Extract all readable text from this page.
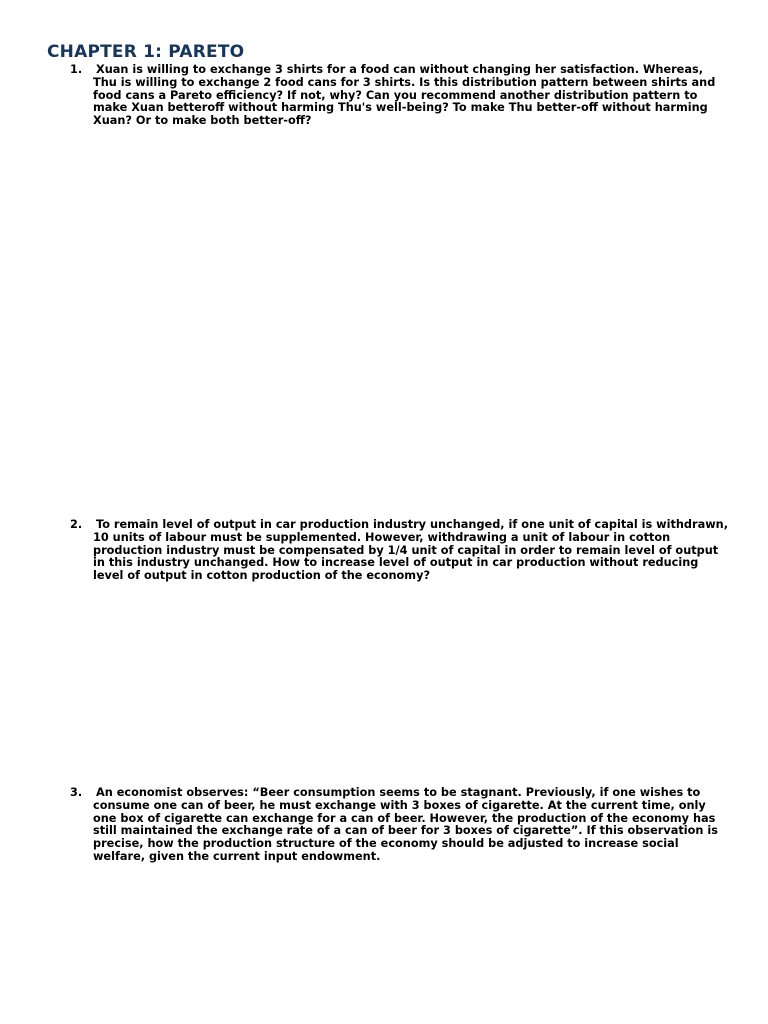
CHAPTER 1: PARETO
1.	Xuan is willing to exchange 3 shirts for a food can without changing her satisfaction. Whereas, Thu is willing to exchange 2 food cans for 3 shirts. Is this distribution pattern between shirts and food cans a Pareto efficiency? If not, why? Can you recommend another distribution pattern to make Xuan betteroff without harming Thu's well-being? To make Thu better-off without harming Xuan? Or to make both better-off?
2.	To remain level of output in car production industry unchanged, if one unit of capital is withdrawn, 10 units of labour must be supplemented. However, withdrawing a unit of labour in cotton production industry must be compensated by 1/4 unit of capital in order to remain level of output in this industry unchanged. How to increase level of output in car production without reducing level of output in cotton production of the economy?
3.	An economist observes: “Beer consumption seems to be stagnant. Previously, if one wishes to consume one can of beer, he must exchange with 3 boxes of cigarette. At the current time, only one box of cigarette can exchange for a can of beer. However, the production of the economy has still maintained the exchange rate of a can of beer for 3 boxes of cigarette”. If this observation is precise, how the production structure of the economy should be adjusted to increase social welfare, given the current input endowment.
